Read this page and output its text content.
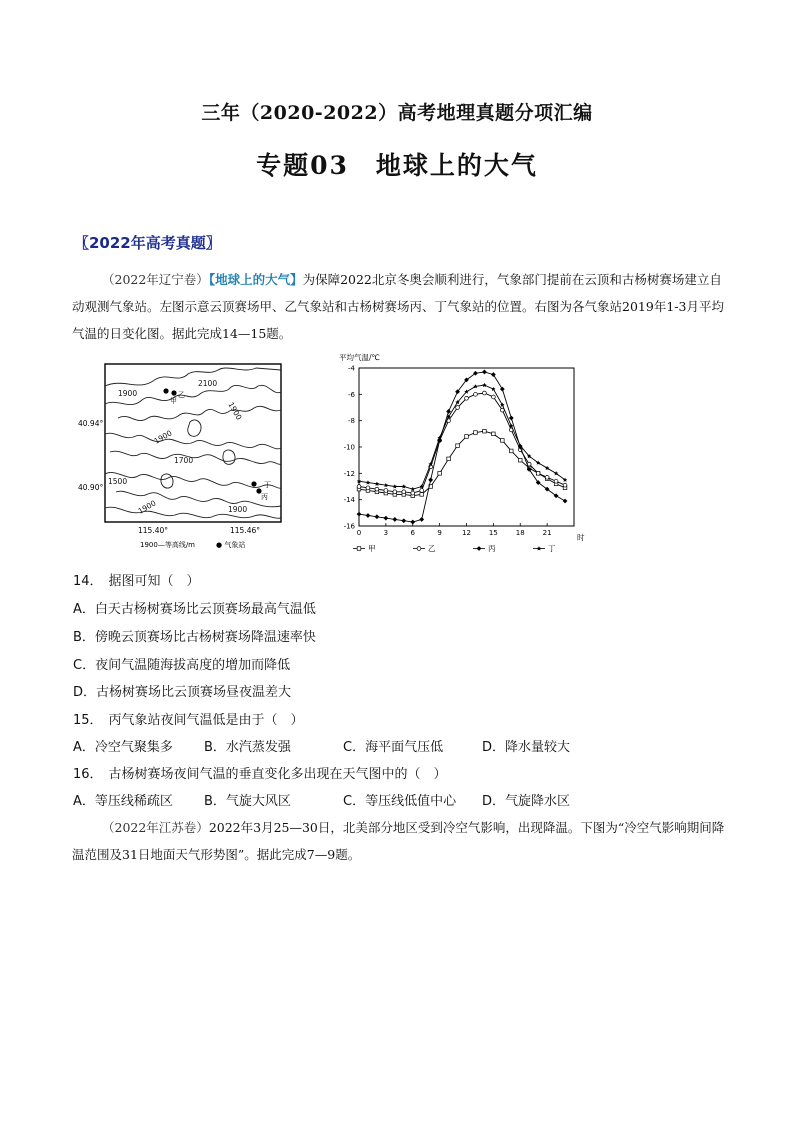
三年（2020-2022）高考地理真题分项汇编
专题03　地球上的大气
〖2022年高考真题〗
（2022年辽宁卷）【地球上的大气】为保障2022北京冬奥会顺利进行，气象部门提前在云顶和古杨树赛场建立自动观测气象站。左图示意云顶赛场甲、乙气象站和古杨树赛场丙、丁气象站的位置。右图为各气象站2019年1-3月平均气温的日变化图。据此完成14—15题。
1900
2100
1900
1900
1700
1500
1900	1900
甲
乙
丙
丁
40.94°
40.90°
115.40°	115.46°
1900—等高线/m	● 气象站
平均气温/℃
-4
-6
-8
-10
-12
-14
-16
0	3	6	9	12	15	18	21	时
甲	乙	丙	丁
14． 据图可知（　）
A．白天古杨树赛场比云顶赛场最高气温低
B．傍晚云顶赛场比古杨树赛场降温速率快
C．夜间气温随海拔高度的增加而降低
D．古杨树赛场比云顶赛场昼夜温差大
15． 丙气象站夜间气温低是由于（　）
A．冷空气聚集多 B．水汽蒸发强	C．海平面气压低	D．降水量较大
16． 古杨树赛场夜间气温的垂直变化多出现在天气图中的（　）
A．等压线稀疏区 B．气旋大风区	C．等压线低值中心 D．气旋降水区
（2022年江苏卷）2022年3月25—30日，北美部分地区受到冷空气影响，出现降温。下图为“冷空气影响期间降温范围及31日地面天气形势图”。据此完成7—9题。
